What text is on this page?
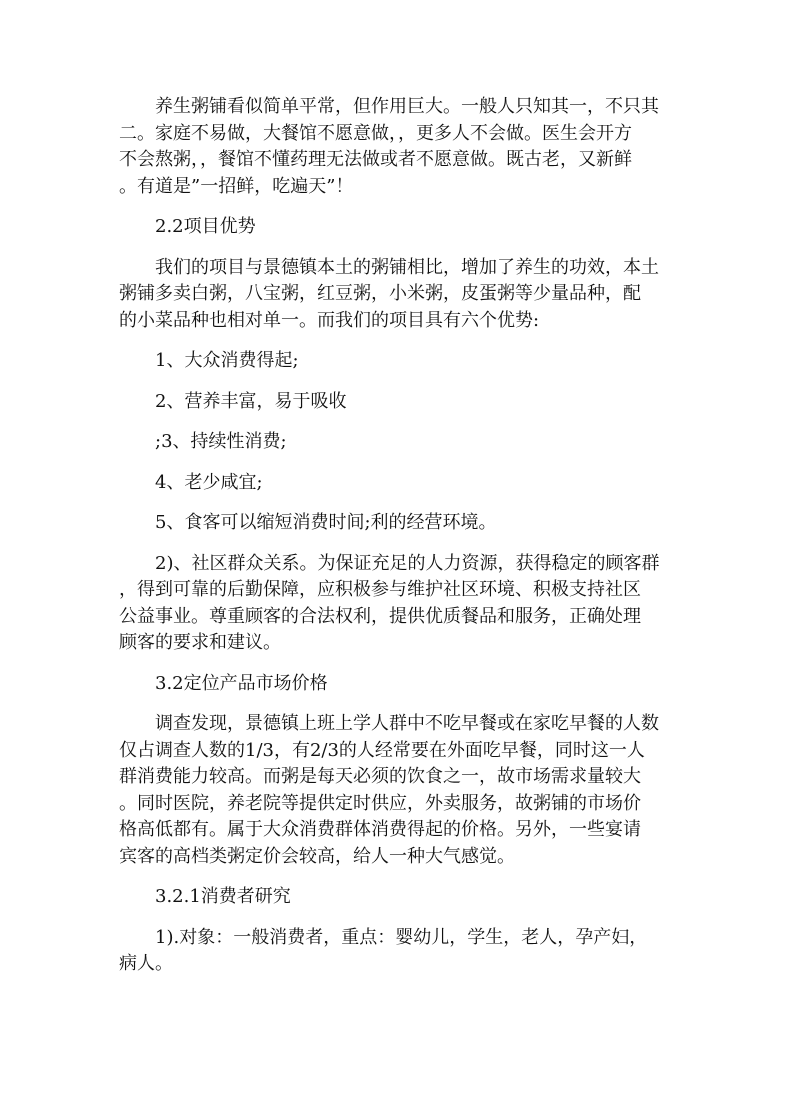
养生粥铺看似简单平常，但作用巨大。一般人只知其一，不只其
二。家庭不易做，大餐馆不愿意做，，更多人不会做。医生会开方
不会熬粥，，餐馆不懂药理无法做或者不愿意做。既古老，又新鲜
。有道是”一招鲜，吃遍天”！
2.2项目优势
我们的项目与景德镇本土的粥铺相比，增加了养生的功效，本土
粥铺多卖白粥，八宝粥，红豆粥，小米粥，皮蛋粥等少量品种，配
的小菜品种也相对单一。而我们的项目具有六个优势:
1、大众消费得起;
2、营养丰富，易于吸收
;3、持续性消费;
4、老少咸宜;
5、食客可以缩短消费时间;利的经营环境。
2)、社区群众关系。为保证充足的人力资源，获得稳定的顾客群
，得到可靠的后勤保障，应积极参与维护社区环境、积极支持社区
公益事业。尊重顾客的合法权利，提供优质餐品和服务，正确处理
顾客的要求和建议。
3.2定位产品市场价格
调查发现，景德镇上班上学人群中不吃早餐或在家吃早餐的人数
仅占调查人数的1/3，有2/3的人经常要在外面吃早餐，同时这一人
群消费能力较高。而粥是每天必须的饮食之一，故市场需求量较大
。同时医院，养老院等提供定时供应，外卖服务，故粥铺的市场价
格高低都有。属于大众消费群体消费得起的价格。另外，一些宴请
宾客的高档类粥定价会较高，给人一种大气感觉。
3.2.1消费者研究
1).对象：一般消费者，重点：婴幼儿，学生，老人，孕产妇，
病人。
